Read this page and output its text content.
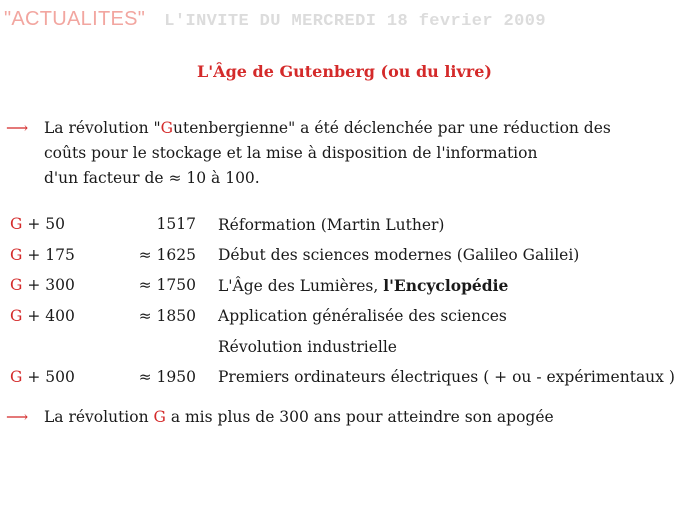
"ACTUALITES" L'INVITE DU MERCREDI 18 fevrier 2009
L'Âge de Gutenberg (ou du livre)
⟶ La révolution "Gutenbergienne" a été déclenchée par une réduction des
coûts pour le stockage et la mise à disposition de l'information
d'un facteur de ≈ 10 à 100.
G + 50	1517	Réformation (Martin Luther)
G + 175	≈ 1625	Début des sciences modernes (Galileo Galilei)
G + 300	≈ 1750	L'Âge des Lumières, l'Encyclopédie
G + 400	≈ 1850	Application généralisée des sciences
		Révolution industrielle
G + 500	≈ 1950	Premiers ordinateurs électriques ( + ou - expérimentaux )
⟶ La révolution G a mis plus de 300 ans pour atteindre son apogée
